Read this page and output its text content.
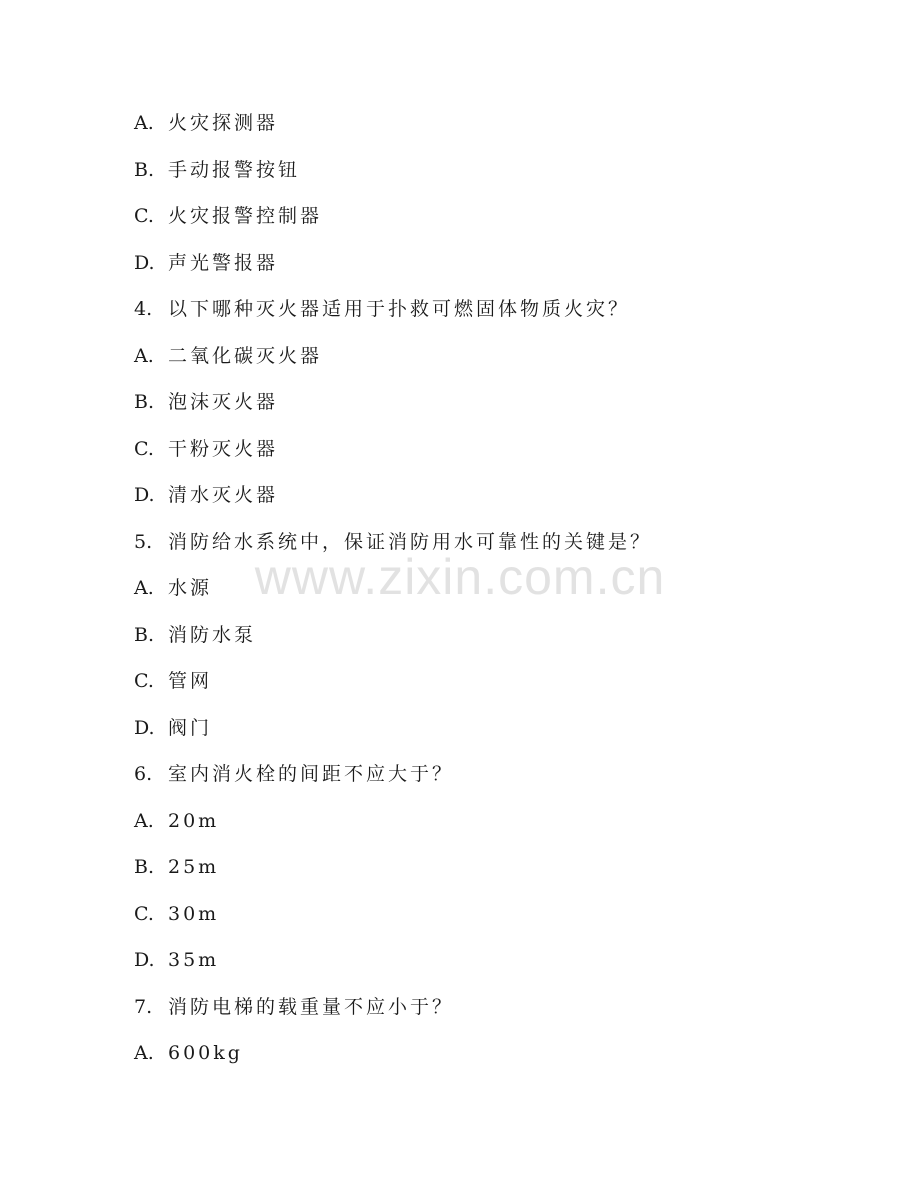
A. 火灾探测器
B. 手动报警按钮
C. 火灾报警控制器
D. 声光警报器
4. 以下哪种灭火器适用于扑救可燃固体物质火灾？
A. 二氧化碳灭火器
B. 泡沫灭火器
C. 干粉灭火器
D. 清水灭火器
5. 消防给水系统中，保证消防用水可靠性的关键是？
A. 水源
B. 消防水泵
C. 管网
D. 阀门
6. 室内消火栓的间距不应大于？
A. 20m
B. 25m
C. 30m
D. 35m
7. 消防电梯的载重量不应小于？
A. 600kg
www.zixin.com.cn
